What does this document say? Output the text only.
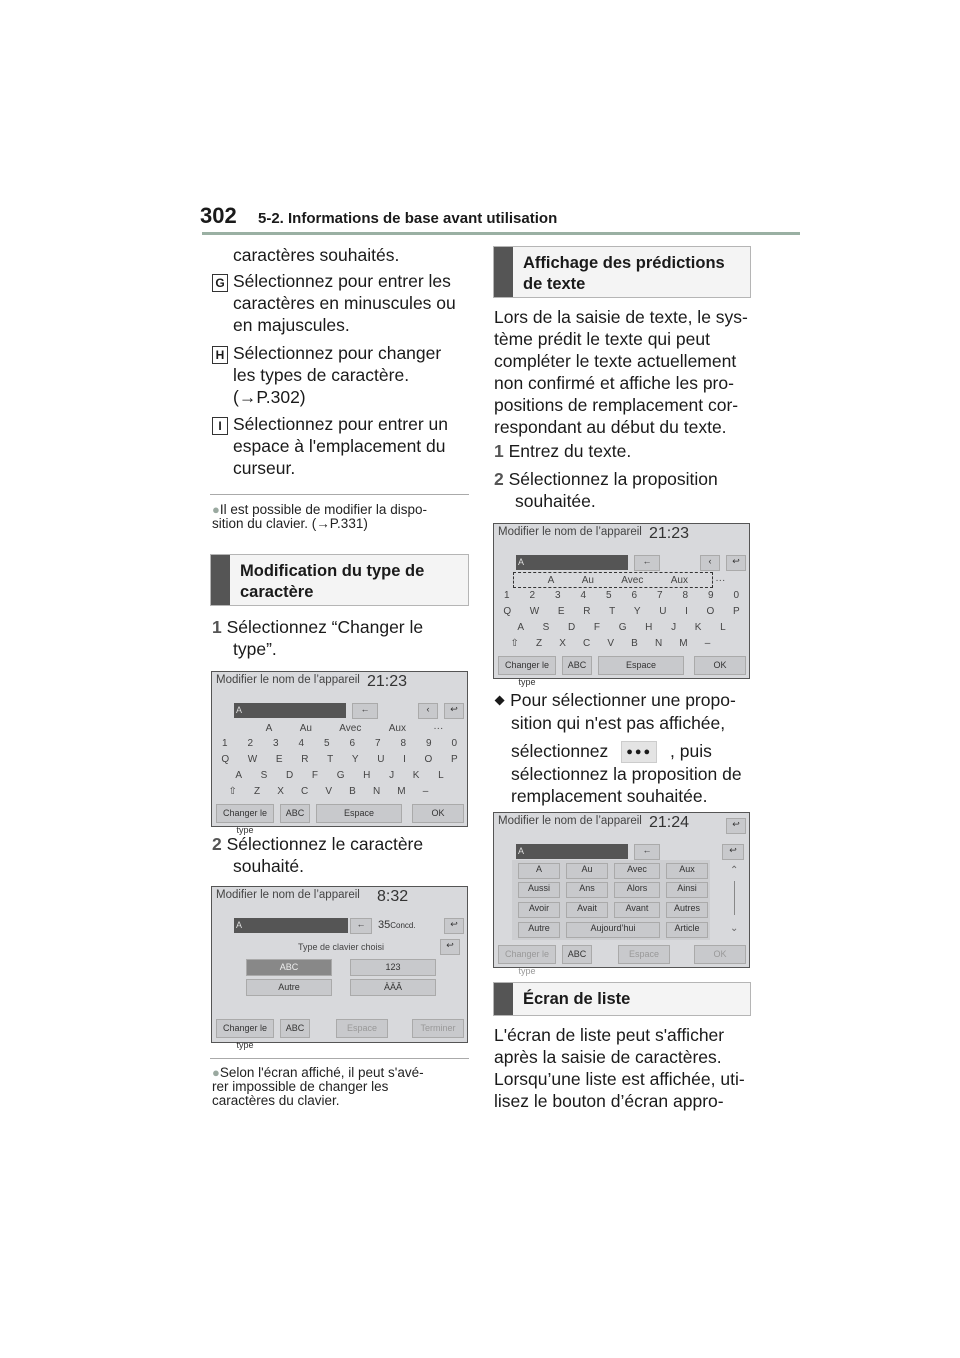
302 5-2. Informations de base avant utilisation
caractères souhaités.
G Sélectionnez pour entrer les
caractères en minuscules ou
en majuscules.
H Sélectionnez pour changer
les types de caractère.
(→P.302)
I Sélectionnez pour entrer un
espace à l'emplacement du
curseur.
●Il est possible de modifier la dispo-
sition du clavier. (→P.331)
Modification du type de
caractère
1 Sélectionnez “Changer le
type”.
Modifier le nom de l’appareil 21:23
A	←	‹	↩
A	Au	Avec	Aux	···
1 2 3 4 5 6 7 8 9 0
Q W E R T Y U I O P
A S D F G H J K L
⇧ Z X C V B N M –
Changer le type
ABC	Espace	OK
2 Sélectionnez le caractère
souhaité.
Modifier le nom de l’appareil 8:32
A	←	35Concd.	↩
Type de clavier choisi	↩
ABC	123
Autre	ÀÄÂ
Changer le type
ABC	Espace	Terminer
●Selon l'écran affiché, il peut s'avé-
rer impossible de changer les
caractères du clavier.
Affichage des prédictions
de texte
Lors de la saisie de texte, le sys-
tème prédit le texte qui peut
compléter le texte actuellement
non confirmé et affiche les pro-
positions de remplacement cor-
respondant au début du texte.
1 Entrez du texte.
2 Sélectionnez la proposition
souhaitée.
Modifier le nom de l’appareil 21:23
A	←	‹	↩
A	Au	Avec	Aux	···
1 2 3 4 5 6 7 8 9 0
Q W E R T Y U I O P
A S D F G H J K L
⇧ Z X C V B N M –
Changer le type
ABC	Espace	OK
⯁ Pour sélectionner une propo-
sition qui n'est pas affichée,
sélectionnez ●●● , puis
sélectionnez la proposition de
remplacement souhaitée.
Modifier le nom de l’appareil 21:24	↩
A	←	↩
A	Au	Avec	Aux
Aussi	Ans	Alors	Ainsi
Avoir	Avait	Avant	Autres
Autre	Aujourd’hui	Article
⌃
⌄
Changer le type
ABC	Espace	OK
Écran de liste
L'écran de liste peut s'afficher
après la saisie de caractères.
Lorsqu’une liste est affichée, uti-
lisez le bouton d’écran appro-
